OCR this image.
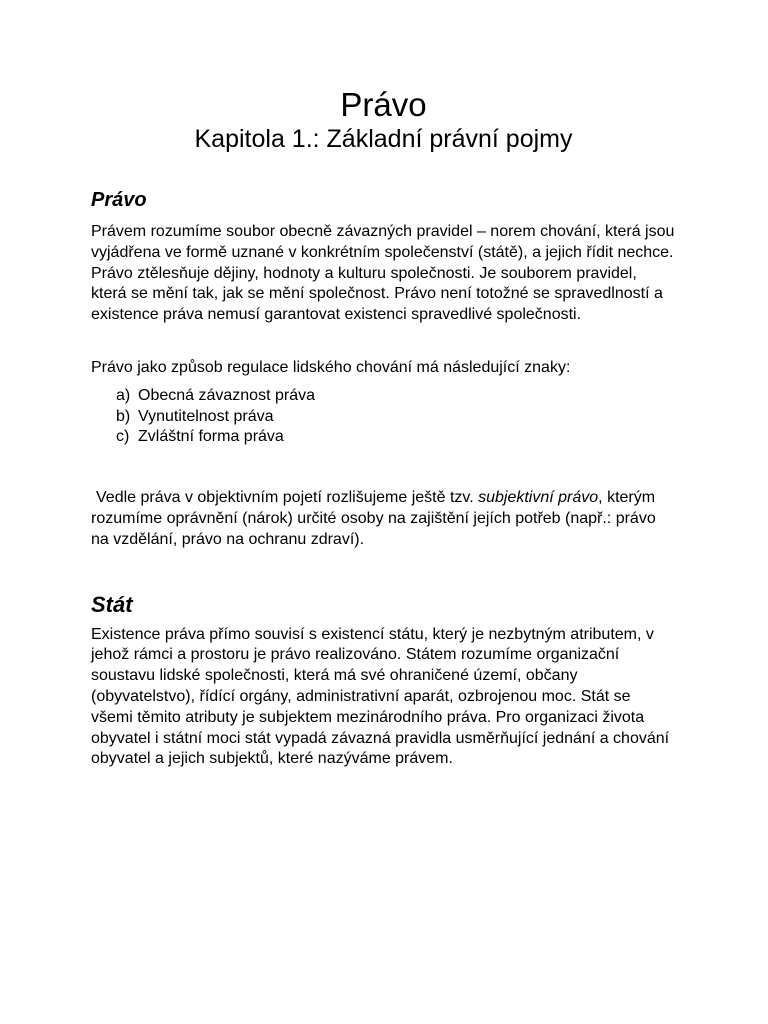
Právo
Kapitola 1.: Základní právní pojmy
Právo

Právem rozumíme soubor obecně závazných pravidel – norem chování, která jsou vyjádřena ve formě uznané v konkrétním společenství (státě), a jejich řídit nechce. Právo ztělesňuje dějiny, hodnoty a kulturu společnosti. Je souborem pravidel, která se mění tak, jak se mění společnost. Právo není totožné se spravedlností a existence práva nemusí garantovat existenci spravedlivé společnosti.

Právo jako způsob regulace lidského chování má následující znaky:

a) Obecná závaznost práva
b) Vynutitelnost práva
c) Zvláštní forma práva

Vedle práva v objektivním pojetí rozlišujeme ještě tzv. subjektivní právo, kterým rozumíme oprávnění (nárok) určité osoby na zajištění jejích potřeb (např.: právo na vzdělání, právo na ochranu zdraví).

Stát

Existence práva přímo souvisí s existencí státu, který je nezbytným atributem, v jehož rámci a prostoru je právo realizováno. Státem rozumíme organizační soustavu lidské společnosti, která má své ohraničené území, občany (obyvatelstvo), řídící orgány, administrativní aparát, ozbrojenou moc. Stát se všemi těmito atributy je subjektem mezinárodního práva. Pro organizaci života obyvatel i státní moci stát vypadá závazná pravidla usměrňující jednání a chování obyvatel a jejich subjektů, které nazýváme právem.
